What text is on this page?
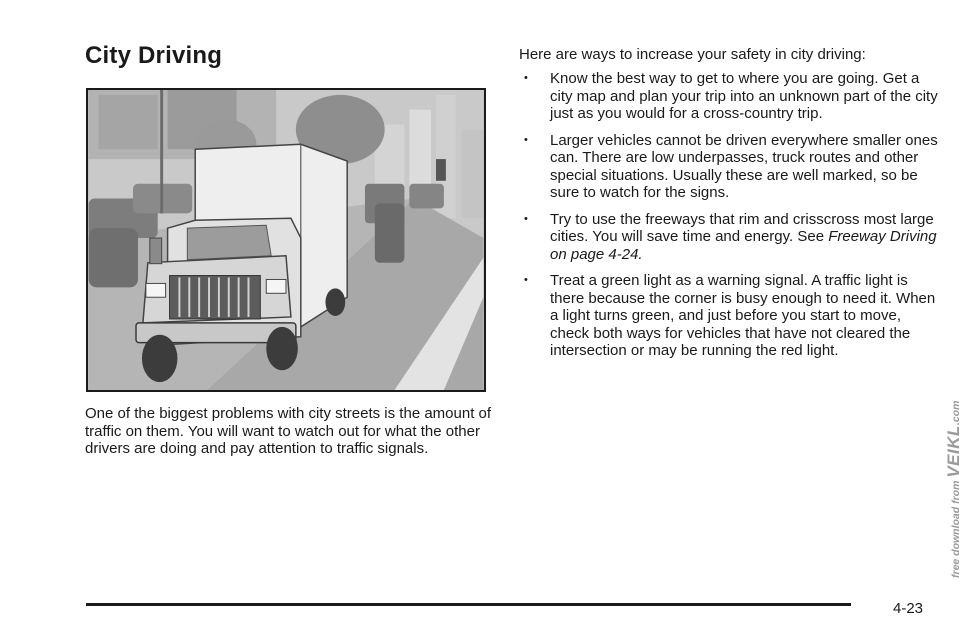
City Driving

One of the biggest problems with city streets is the amount of traffic on them. You will want to watch out for what the other drivers are doing and pay attention to traffic signals.

Here are ways to increase your safety in city driving:

• Know the best way to get to where you are going. Get a city map and plan your trip into an unknown part of the city just as you would for a cross-country trip.
• Larger vehicles cannot be driven everywhere smaller ones can. There are low underpasses, truck routes and other special situations. Usually these are well marked, so be sure to watch for the signs.
• Try to use the freeways that rim and crisscross most large cities. You will save time and energy. See Freeway Driving on page 4-24.
• Treat a green light as a warning signal. A traffic light is there because the corner is busy enough to need it. When a light turns green, and just before you start to move, check both ways for vehicles that have not cleared the intersection or may be running the red light.
4-23
free download from VEIKL.com
